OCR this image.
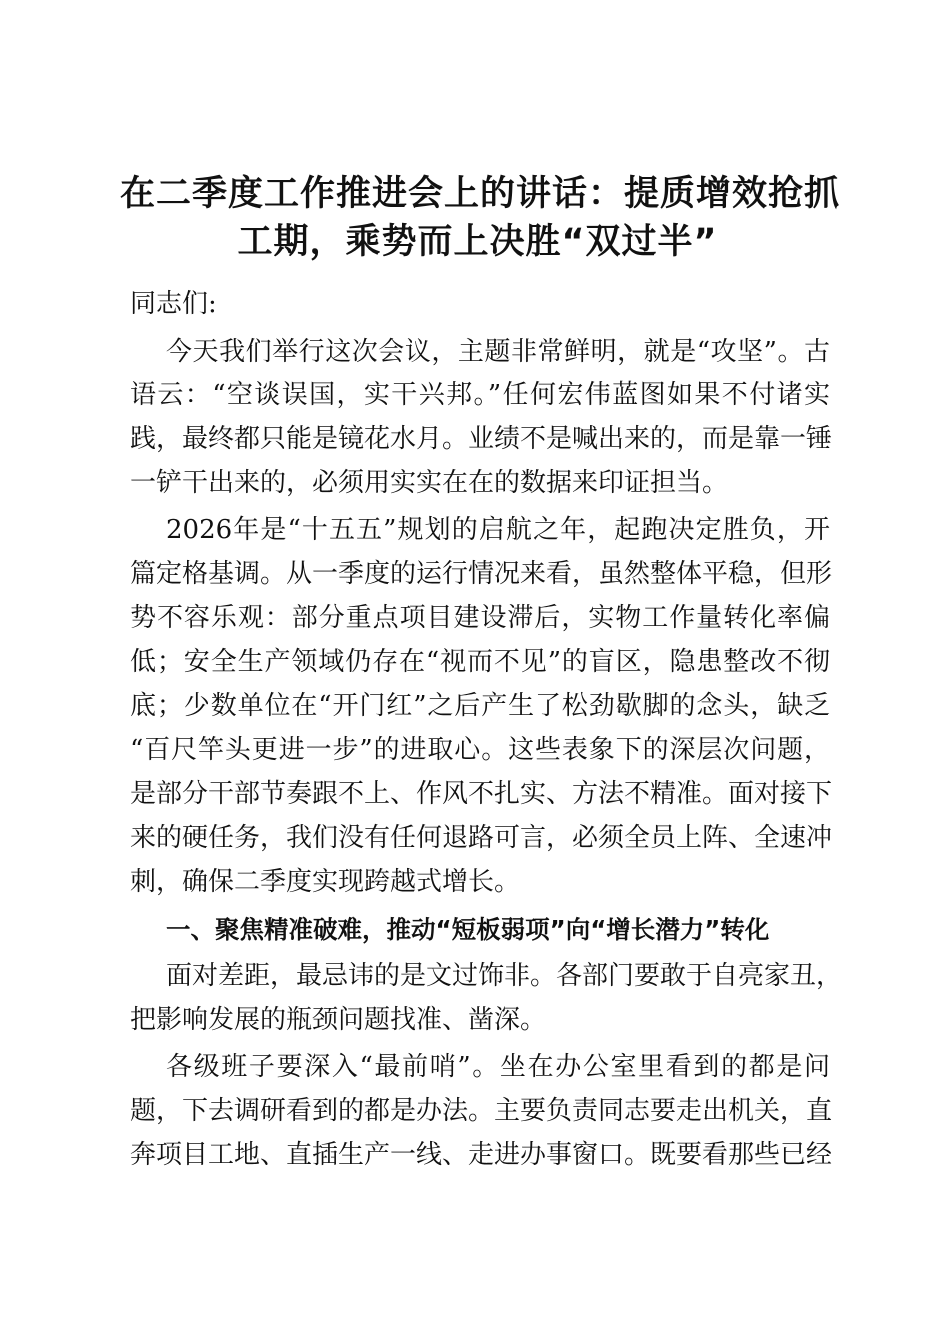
在二季度工作推进会上的讲话：提质增效抢抓
工期，乘势而上决胜“双过半”
同志们:
今天我们举行这次会议，主题非常鲜明，就是“攻坚”。古
语云：“空谈误国，实干兴邦。”任何宏伟蓝图如果不付诸实
践，最终都只能是镜花水月。业绩不是喊出来的，而是靠一锤
一铲干出来的，必须用实实在在的数据来印证担当。
2026年是“十五五”规划的启航之年，起跑决定胜负，开
篇定格基调。从一季度的运行情况来看，虽然整体平稳，但形
势不容乐观：部分重点项目建设滞后，实物工作量转化率偏
低；安全生产领域仍存在“视而不见”的盲区，隐患整改不彻
底；少数单位在“开门红”之后产生了松劲歇脚的念头，缺乏
“百尺竿头更进一步”的进取心。这些表象下的深层次问题，
是部分干部节奏跟不上、作风不扎实、方法不精准。面对接下
来的硬任务，我们没有任何退路可言，必须全员上阵、全速冲
刺，确保二季度实现跨越式增长。
一、聚焦精准破难，推动“短板弱项”向“增长潜力”转化
面对差距，最忌讳的是文过饰非。各部门要敢于自亮家丑，
把影响发展的瓶颈问题找准、凿深。
各级班子要深入“最前哨”。坐在办公室里看到的都是问
题，下去调研看到的都是办法。主要负责同志要走出机关，直
奔项目工地、直插生产一线、走进办事窗口。既要看那些已经
